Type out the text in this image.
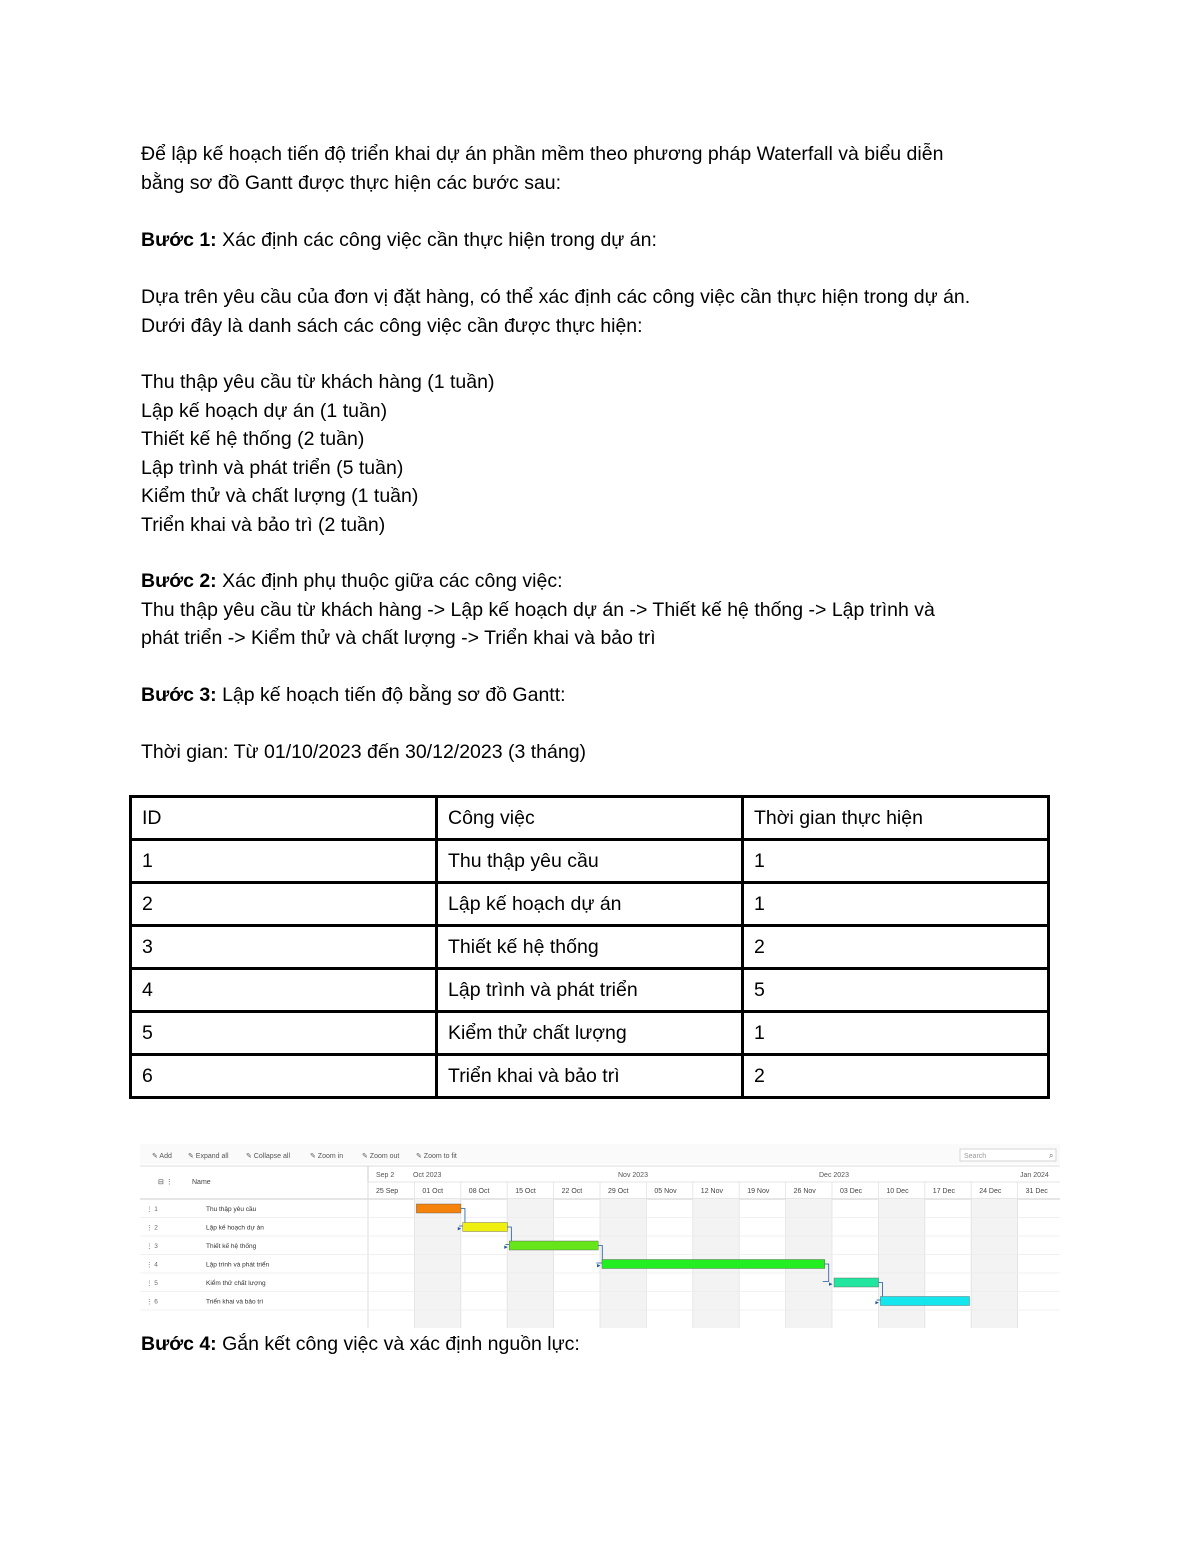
Để lập kế hoạch tiến độ triển khai dự án phần mềm theo phương pháp Waterfall và biểu diễn
bằng sơ đồ Gantt được thực hiện các bước sau:

Bước 1: Xác định các công việc cần thực hiện trong dự án:

Dựa trên yêu cầu của đơn vị đặt hàng, có thể xác định các công việc cần thực hiện trong dự án.
Dưới đây là danh sách các công việc cần được thực hiện:

Thu thập yêu cầu từ khách hàng (1 tuần)
Lập kế hoạch dự án (1 tuần)
Thiết kế hệ thống (2 tuần)
Lập trình và phát triển (5 tuần)
Kiểm thử và chất lượng (1 tuần)
Triển khai và bảo trì (2 tuần)

Bước 2: Xác định phụ thuộc giữa các công việc:
Thu thập yêu cầu từ khách hàng -> Lập kế hoạch dự án -> Thiết kế hệ thống -> Lập trình và
phát triển -> Kiểm thử và chất lượng -> Triển khai và bảo trì

Bước 3: Lập kế hoạch tiến độ bằng sơ đồ Gantt:

Thời gian: Từ 01/10/2023 đến 30/12/2023 (3 tháng)

ID	Công việc	Thời gian thực hiện
1	Thu thập yêu cầu	1
2	Lập kế hoạch dự án	1
3	Thiết kế hệ thống	2
4	Lập trình và phát triển	5
5	Kiểm thử chất lượng	1
6	Triển khai và bảo trì	2
✎ Add ✎ Expand all	✎ Collapse all	✎ Zoom in	✎ Zoom out ✎ Zoom to fit	Search	⌕
⊟ ⋮	Name
Sep 2	Oct 2023	Nov 2023	Dec 2023	Jan 2024
25 Sep	01 Oct	08 Oct	15 Oct	22 Oct	29 Oct	05 Nov	12 Nov	19 Nov	26 Nov	03 Dec	10 Dec	17 Dec	24 Dec	31 Dec
⋮ 1	Thu thập yêu cầu
⋮ 2	Lập kế hoạch dự án	▸
⋮ 3	Thiết kế hệ thống	▸
⋮ 4	Lập trình và phát triển	▸
⋮ 5	Kiểm thử chất lượng	▸
⋮ 6	Triển khai và bảo trì	▸

Bước 4: Gắn kết công việc và xác định nguồn lực:
